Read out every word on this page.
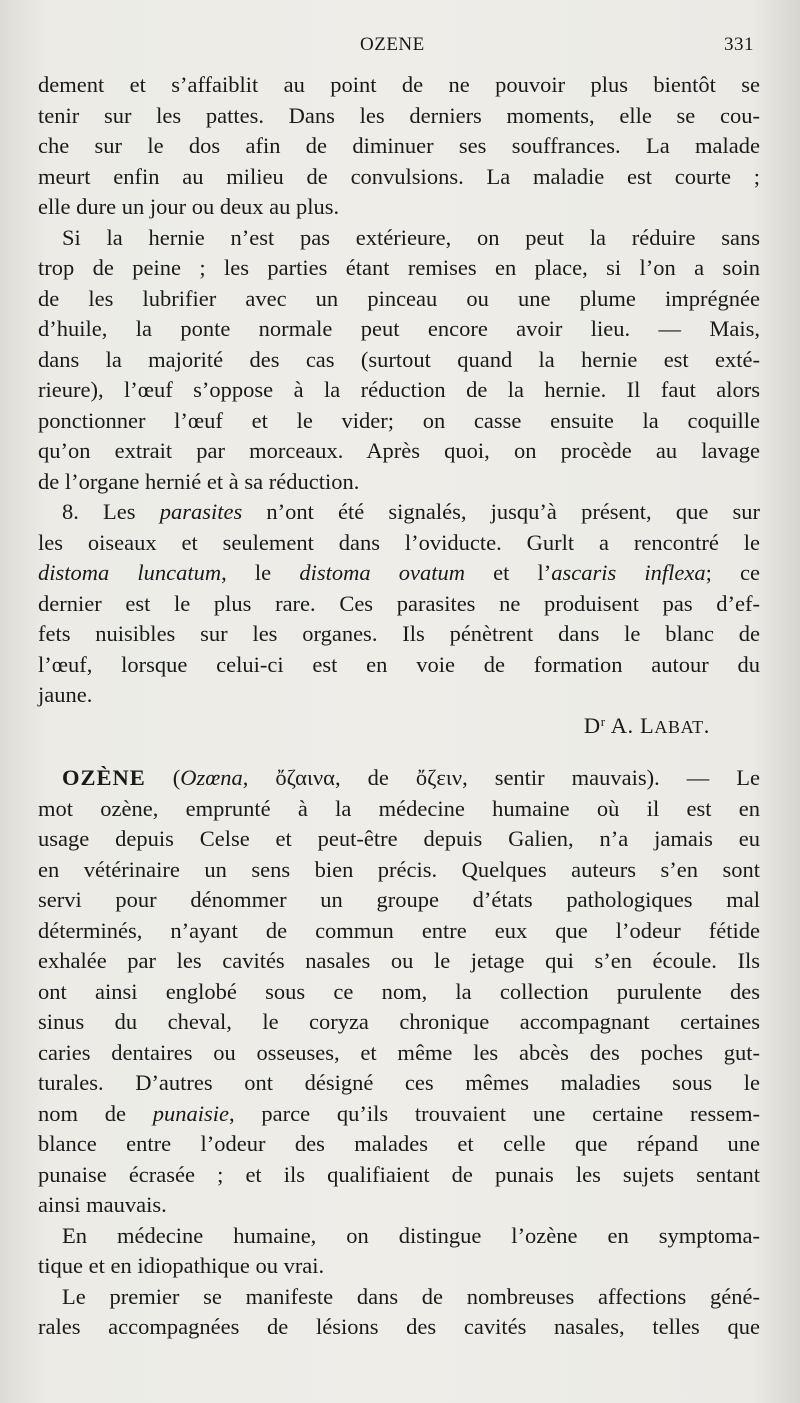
OZENE	331
dement et s’affaiblit au point de ne pouvoir plus bientôt se
tenir sur les pattes. Dans les derniers moments, elle se cou-
che sur le dos afin de diminuer ses souffrances. La malade
meurt enfin au milieu de convulsions. La maladie est courte ;
elle dure un jour ou deux au plus.
Si la hernie n’est pas extérieure, on peut la réduire sans
trop de peine ; les parties étant remises en place, si l’on a soin
de les lubrifier avec un pinceau ou une plume imprégnée
d’huile, la ponte normale peut encore avoir lieu. — Mais,
dans la majorité des cas (surtout quand la hernie est exté-
rieure), l’œuf s’oppose à la réduction de la hernie. Il faut alors
ponctionner l’œuf et le vider; on casse ensuite la coquille
qu’on extrait par morceaux. Après quoi, on procède au lavage
de l’organe hernié et à sa réduction.
8. Les parasites n’ont été signalés, jusqu’à présent, que sur
les oiseaux et seulement dans l’oviducte. Gurlt a rencontré le
distoma luncatum, le distoma ovatum et l’ascaris inflexa; ce
dernier est le plus rare. Ces parasites ne produisent pas d’ef-
fets nuisibles sur les organes. Ils pénètrent dans le blanc de
l’œuf, lorsque celui-ci est en voie de formation autour du
jaune.
$D^r$ A. LABAT.
OZÈNE (Ozœna, ὄζαινα, de ὄζειν, sentir mauvais). — Le
mot ozène, emprunté à la médecine humaine où il est en
usage depuis Celse et peut-être depuis Galien, n’a jamais eu
en vétérinaire un sens bien précis. Quelques auteurs s’en sont
servi pour dénommer un groupe d’états pathologiques mal
déterminés, n’ayant de commun entre eux que l’odeur fétide
exhalée par les cavités nasales ou le jetage qui s’en écoule. Ils
ont ainsi englobé sous ce nom, la collection purulente des
sinus du cheval, le coryza chronique accompagnant certaines
caries dentaires ou osseuses, et même les abcès des poches gut-
turales. D’autres ont désigné ces mêmes maladies sous le
nom de punaisie, parce qu’ils trouvaient une certaine ressem-
blance entre l’odeur des malades et celle que répand une
punaise écrasée ; et ils qualifiaient de punais les sujets sentant
ainsi mauvais.
En médecine humaine, on distingue l’ozène en symptoma-
tique et en idiopathique ou vrai.
Le premier se manifeste dans de nombreuses affections géné-
rales accompagnées de lésions des cavités nasales, telles que
